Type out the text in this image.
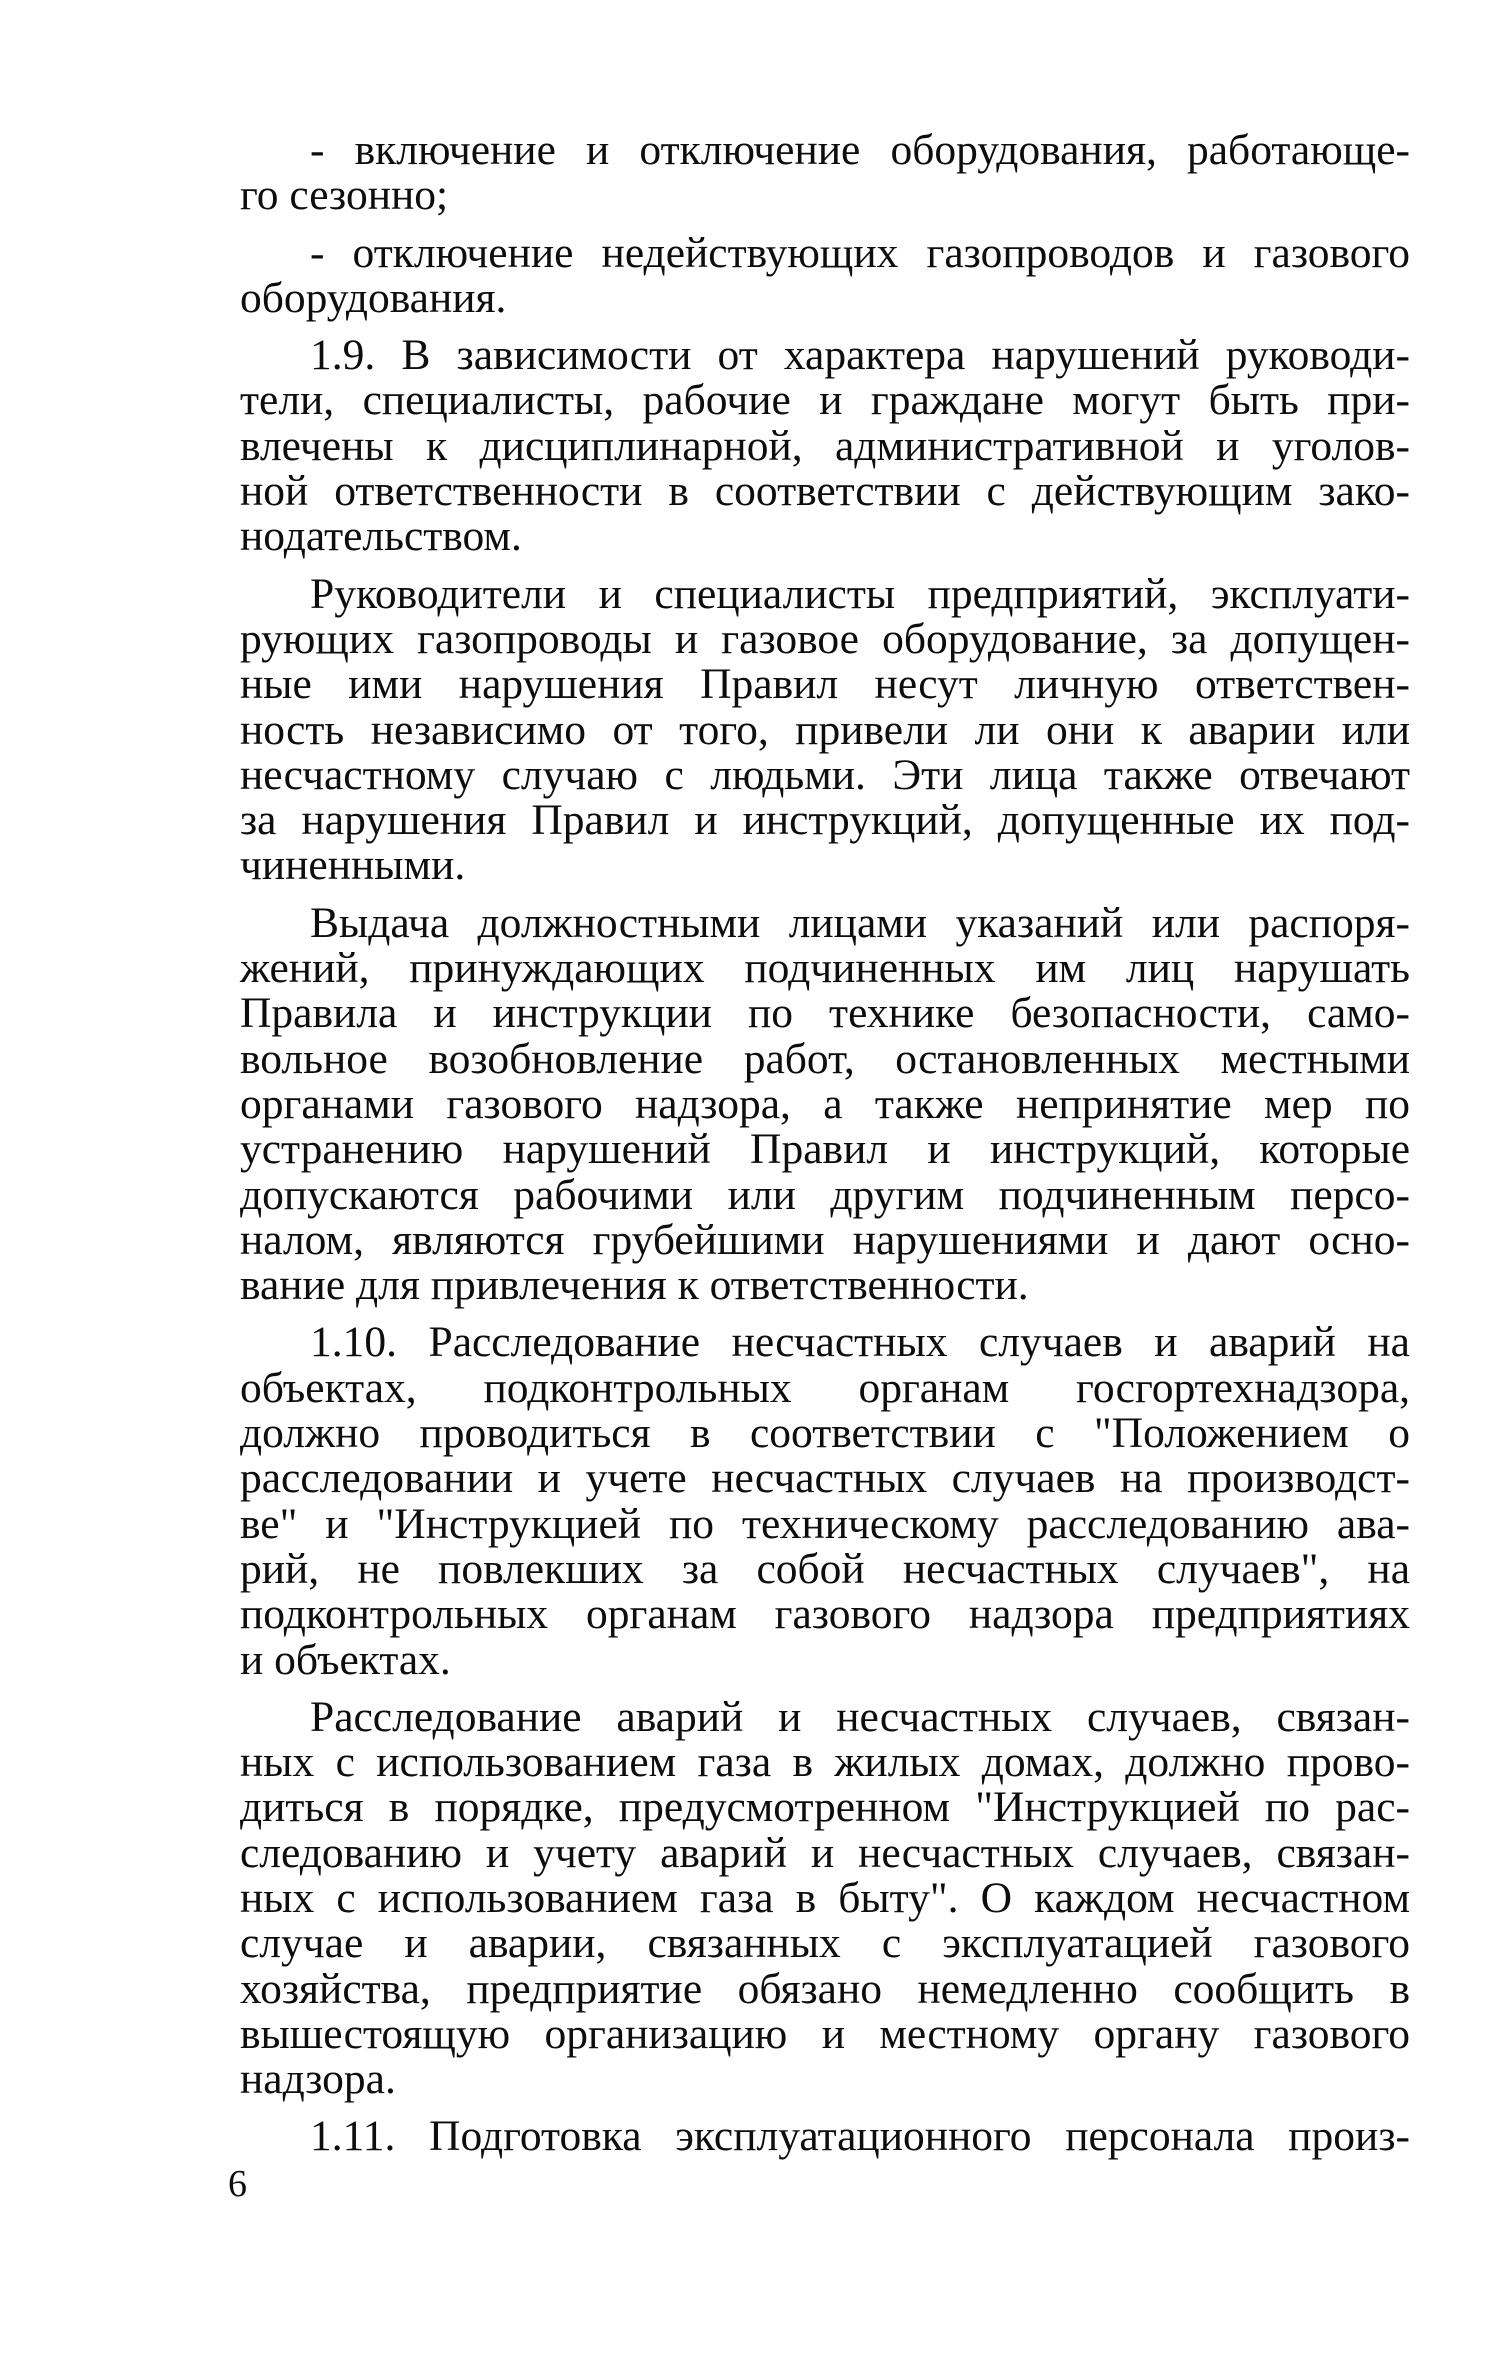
- включение и отключение оборудования, работающе-
го сезонно;
- отключение недействующих газопроводов и газового
оборудования.
1.9. В зависимости от характера нарушений руководи-
тели, специалисты, рабочие и граждане могут быть при-
влечены к дисциплинарной, административной и уголов-
ной ответственности в соответствии с действующим зако-
нодательством.
Руководители и специалисты предприятий, эксплуати-
рующих газопроводы и газовое оборудование, за допущен-
ные ими нарушения Правил несут личную ответствен-
ность независимо от того, привели ли они к аварии или
несчастному случаю с людьми. Эти лица также отвечают
за нарушения Правил и инструкций, допущенные их под-
чиненными.
Выдача должностными лицами указаний или распоря-
жений, принуждающих подчиненных им лиц нарушать
Правила и инструкции по технике безопасности, само-
вольное возобновление работ, остановленных местными
органами газового надзора, а также непринятие мер по
устранению нарушений Правил и инструкций, которые
допускаются рабочими или другим подчиненным персо-
налом, являются грубейшими нарушениями и дают осно-
вание для привлечения к ответственности.
1.10. Расследование несчастных случаев и аварий на
объектах, подконтрольных органам госгортехнадзора,
должно проводиться в соответствии с "Положением о
расследовании и учете несчастных случаев на производст-
ве" и "Инструкцией по техническому расследованию ава-
рий, не повлекших за собой несчастных случаев", на
подконтрольных органам газового надзора предприятиях
и объектах.
Расследование аварий и несчастных случаев, связан-
ных с использованием газа в жилых домах, должно прово-
диться в порядке, предусмотренном "Инструкцией по рас-
следованию и учету аварий и несчастных случаев, связан-
ных с использованием газа в быту". О каждом несчастном
случае и аварии, связанных с эксплуатацией газового
хозяйства, предприятие обязано немедленно сообщить в
вышестоящую организацию и местному органу газового
надзора.
1.11. Подготовка эксплуатационного персонала произ-
6
